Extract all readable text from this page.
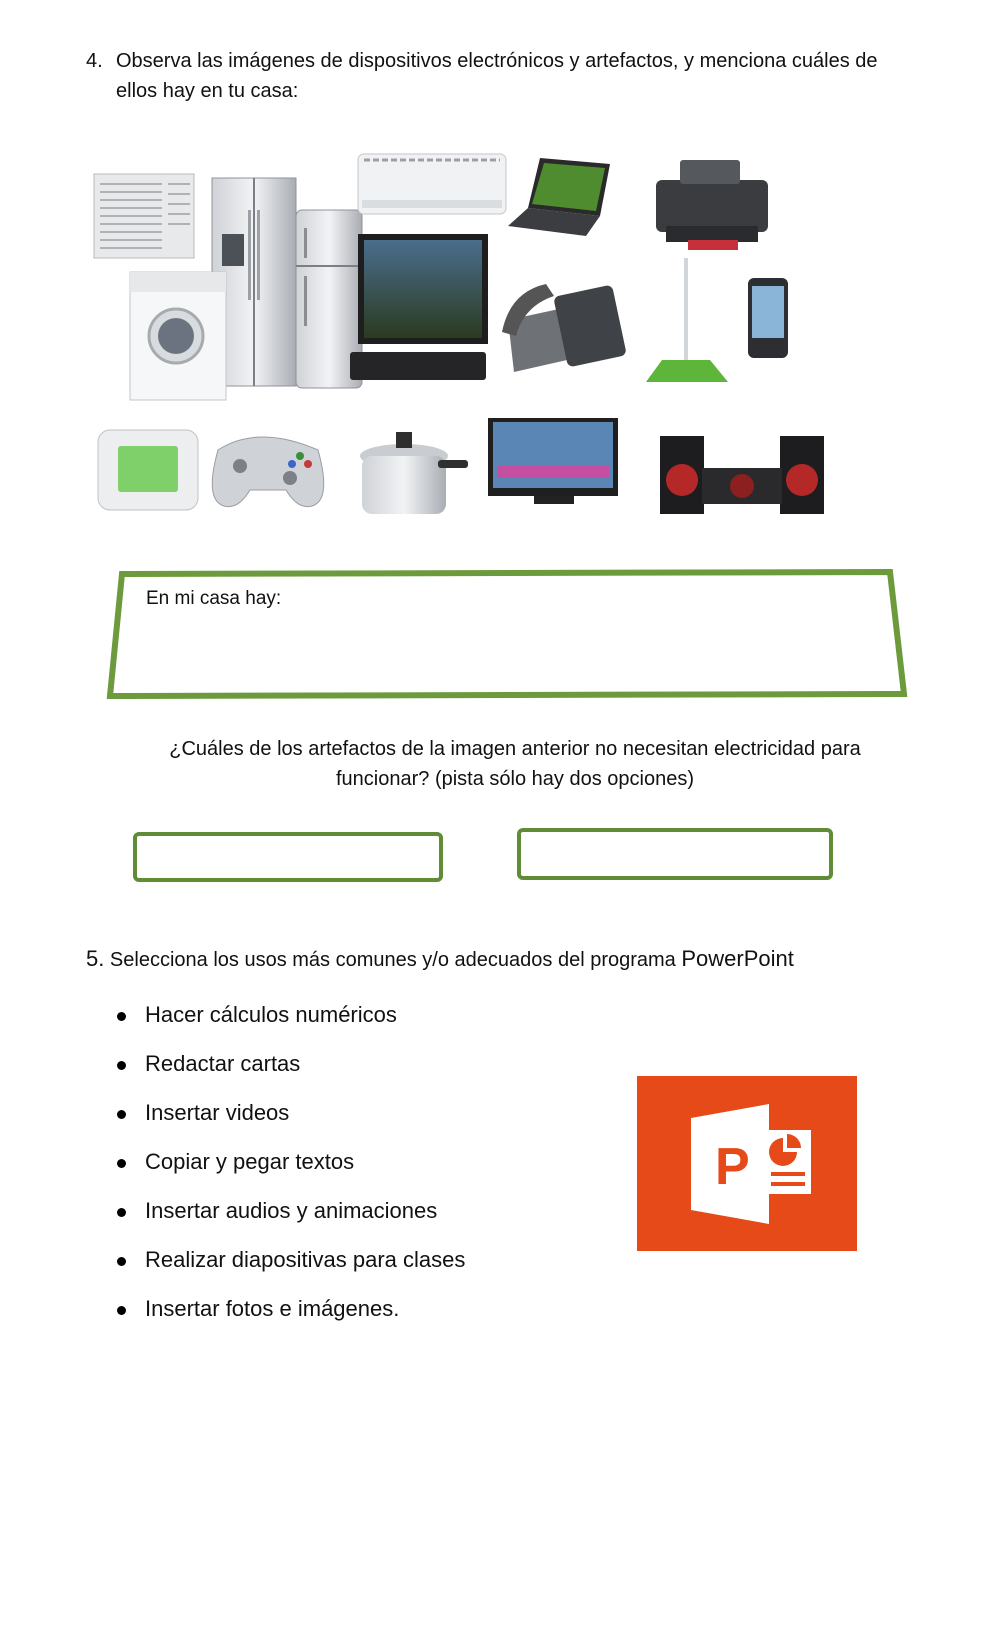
4. Observa las imágenes de dispositivos electrónicos y artefactos, y menciona cuáles de ellos hay en tu casa:
En mi casa hay:
¿Cuáles de los artefactos de la imagen anterior no necesitan electricidad para
funcionar? (pista sólo hay dos opciones)
5. Selecciona los usos más comunes y/o adecuados del programa PowerPoint
Hacer cálculos numéricos
Redactar cartas
Insertar videos
Copiar y pegar textos
Insertar audios y animaciones
Realizar diapositivas para clases
Insertar fotos e imágenes.
P
